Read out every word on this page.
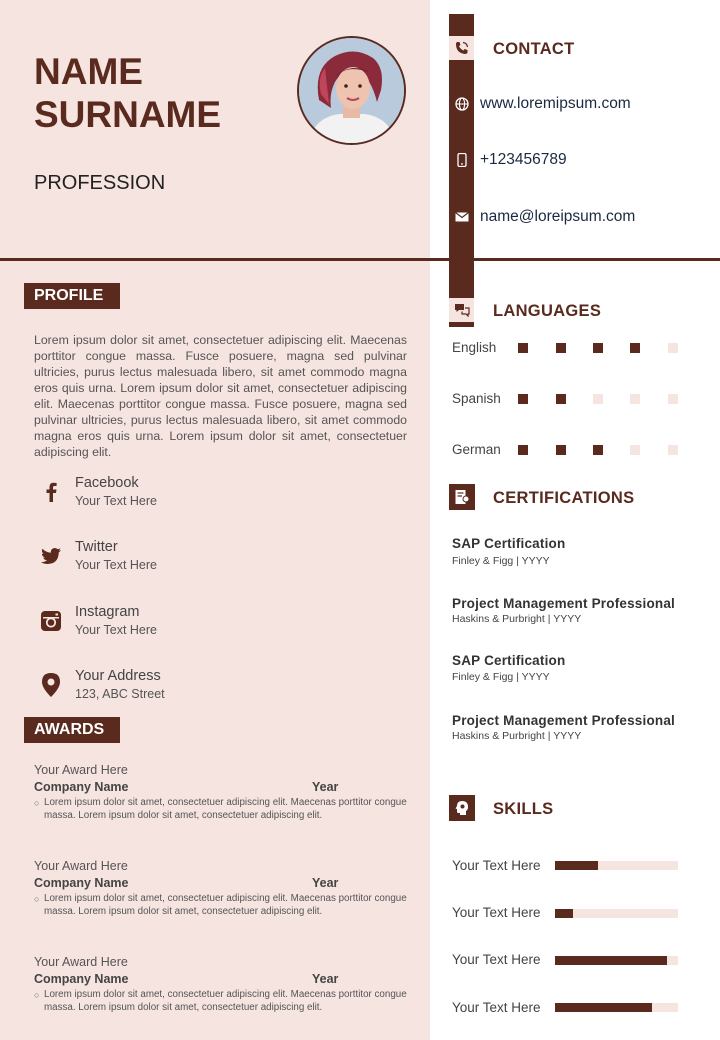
NAME
SURNAME
PROFESSION
PROFILE
Lorem ipsum dolor sit amet, consectetuer adipiscing elit. Maecenas porttitor congue massa. Fusce posuere, magna sed pulvinar ultricies, purus lectus malesuada libero, sit amet commodo magna eros quis urna. Lorem ipsum dolor sit amet, consectetuer adipiscing elit. Maecenas porttitor congue massa. Fusce posuere, magna sed pulvinar ultricies, purus lectus malesuada libero, sit amet commodo magna eros quis urna. Lorem ipsum dolor sit amet, consectetuer adipiscing elit.
Facebook
Your Text Here
Twitter
Your Text Here
Instagram
Your Text Here
Your Address
123, ABC Street
AWARDS
Your Award Here
Company Name	Year
○ Lorem ipsum dolor sit amet, consectetuer adipiscing elit. Maecenas porttitor congue massa. Lorem ipsum dolor sit amet, consectetuer adipiscing elit.
Your Award Here
Company Name	Year
○ Lorem ipsum dolor sit amet, consectetuer adipiscing elit. Maecenas porttitor congue massa. Lorem ipsum dolor sit amet, consectetuer adipiscing elit.
Your Award Here
Company Name	Year
○ Lorem ipsum dolor sit amet, consectetuer adipiscing elit. Maecenas porttitor congue massa. Lorem ipsum dolor sit amet, consectetuer adipiscing elit.
CONTACT
www.loremipsum.com
+123456789
name@loreipsum.com
LANGUAGES
English
Spanish
German
CERTIFICATIONS
SAP Certification
Finley & Figg | YYYY
Project Management Professional
Haskins & Purbright | YYYY
SAP Certification
Finley & Figg | YYYY
Project Management Professional
Haskins & Purbright | YYYY
SKILLS
Your Text Here
Your Text Here
Your Text Here
Your Text Here
